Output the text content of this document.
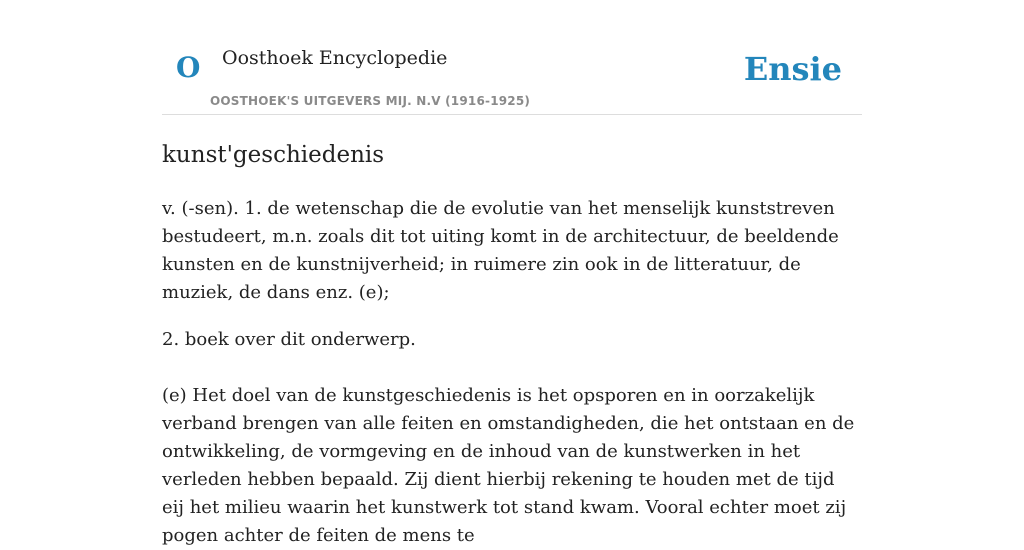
O Oosthoek Encyclopedie
OOSTHOEK'S UITGEVERS MIJ. N.V (1916-1925)
Ensie
kunst'geschiedenis

v. (-sen). 1. de wetenschap die de evolutie van het menselijk kunststreven bestudeert, m.n. zoals dit tot uiting komt in de architectuur, de beeldende kunsten en de kunstnijverheid; in ruimere zin ook in de litteratuur, de muziek, de dans enz. (e);

2. boek over dit onderwerp.

(e) Het doel van de kunstgeschiedenis is het opsporen en in oorzakelijk verband brengen van alle feiten en omstandigheden, die het ontstaan en de ontwikkeling, de vormgeving en de inhoud van de kunstwerken in het verleden hebben bepaald. Zij dient hierbij rekening te houden met de tijd eij het milieu waarin het kunstwerk tot stand kwam. Vooral echter moet zij pogen achter de feiten de mens te
